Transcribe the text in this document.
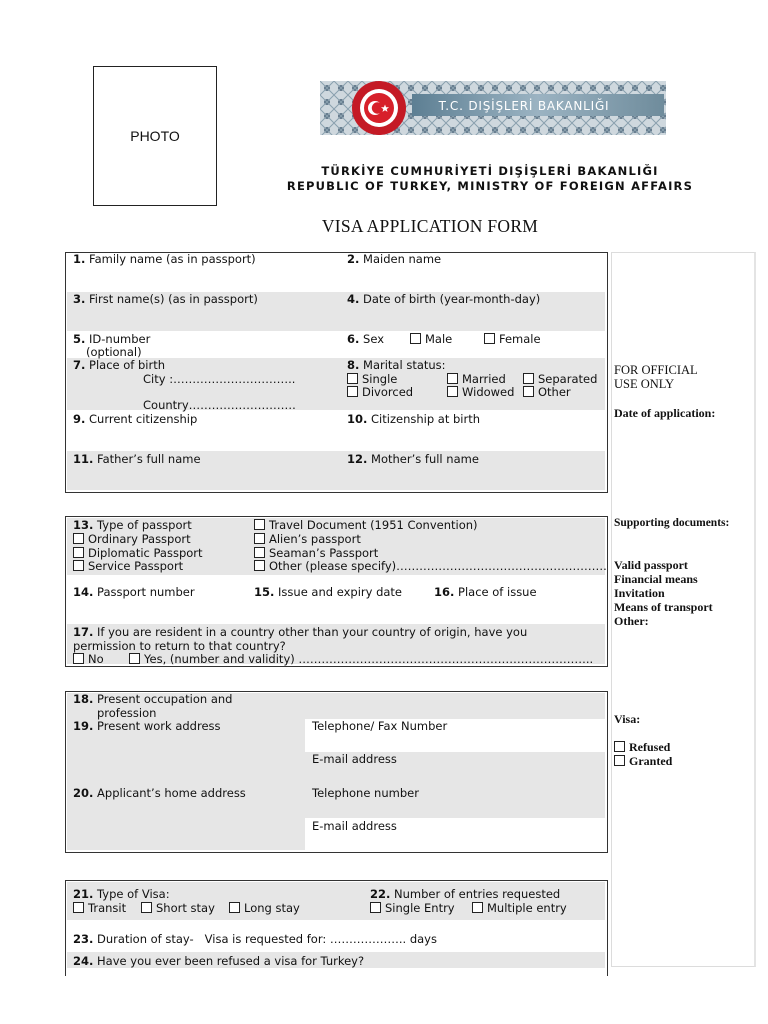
PHOTO
T.C. DIŞİŞLERİ BAKANLIĞI
TÜRKİYE CUMHURİYETİ DIŞİŞLERİ BAKANLIĞI
REPUBLIC OF TURKEY, MINISTRY OF FOREIGN AFFAIRS
VISA APPLICATION FORM
FOR OFFICIAL
USE ONLY
Date of application:
Supporting documents:
Valid passport
Financial means
Invitation
Means of transport
Other:
Visa:
Refused
Granted
1. Family name (as in passport)	2. Maiden name
3. First name(s) (as in passport)	4. Date of birth (year-month-day)
5. ID-number
(optional)
6. Sex	Male	Female
7. Place of birth
City :…………………………..
Country……………………….
8. Marital status:
Single	Married	Separated
Divorced	Widowed	Other
9. Current citizenship	10. Citizenship at birth
11. Father’s full name	12. Mother’s full name
13. Type of passport
Ordinary Passport
Diplomatic Passport
Service Passport
Travel Document (1951 Convention)
Alien’s passport
Seaman’s Passport
Other (please specify)……………………………………………….
14. Passport number	15. Issue and expiry date	16. Place of issue
17. If you are resident in a country other than your country of origin, have you
permission to return to that country?
No	Yes, (number and validity) …………………………………………………………………..
18. Present occupation and
profession
19. Present work address	Telephone/ Fax Number
E-mail address
20. Applicant’s home address	Telephone number
E-mail address
21. Type of Visa:
Transit	Short stay	Long stay
22. Number of entries requested
Single Entry	Multiple entry
23. Duration of stay-   Visa is requested for: ……………….. days
24. Have you ever been refused a visa for Turkey?
